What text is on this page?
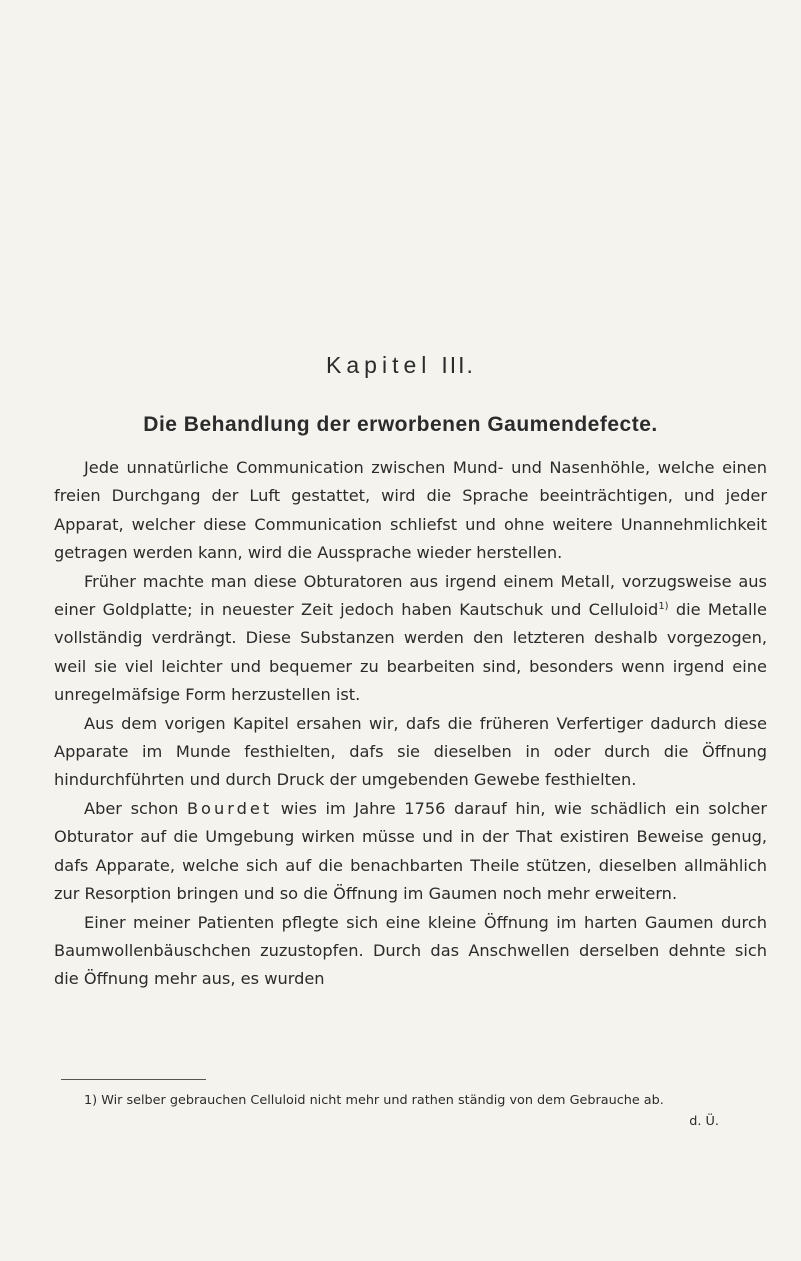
Kapitel III.
Die Behandlung der erworbenen Gaumendefecte.

Jede unnatürliche Communication zwischen Mund- und Nasenhöhle, welche einen freien Durchgang der Luft gestattet, wird die Sprache beeinträchtigen, und jeder Apparat, welcher diese Communication schliefst und ohne weitere Unannehmlichkeit getragen werden kann, wird die Aussprache wieder herstellen.

Früher machte man diese Obturatoren aus irgend einem Metall, vorzugsweise aus einer Goldplatte; in neuester Zeit jedoch haben Kautschuk und Celluloid$^{1)}$ die Metalle vollständig verdrängt. Diese Substanzen werden den letzteren deshalb vorgezogen, weil sie viel leichter und bequemer zu bearbeiten sind, besonders wenn irgend eine unregelmäfsige Form herzustellen ist.

Aus dem vorigen Kapitel ersahen wir, dafs die früheren Verfertiger dadurch diese Apparate im Munde festhielten, dafs sie dieselben in oder durch die Öffnung hindurchführten und durch Druck der umgebenden Gewebe festhielten.

Aber schon Bourdet wies im Jahre 1756 darauf hin, wie schädlich ein solcher Obturator auf die Umgebung wirken müsse und in der That existiren Beweise genug, dafs Apparate, welche sich auf die benachbarten Theile stützen, dieselben allmählich zur Resorption bringen und so die Öffnung im Gaumen noch mehr erweitern.

Einer meiner Patienten pflegte sich eine kleine Öffnung im harten Gaumen durch Baumwollenbäuschchen zuzustopfen. Durch das Anschwellen derselben dehnte sich die Öffnung mehr aus, es wurden

1) Wir selber gebrauchen Celluloid nicht mehr und rathen ständig von dem Gebrauche ab.
d. Ü.
